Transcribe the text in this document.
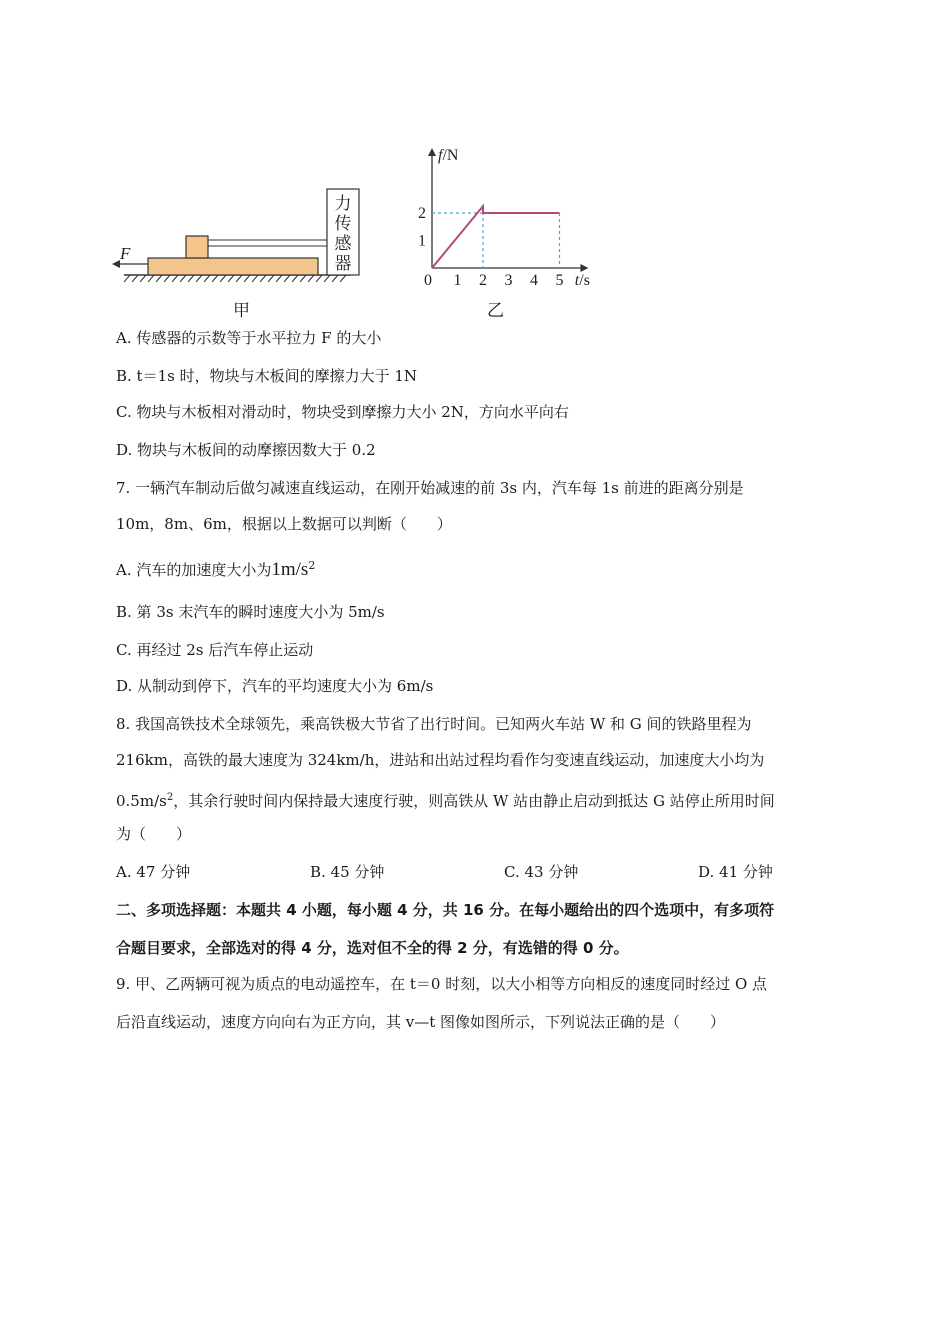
力
传
感
器
F
甲
f/N
t/s
0 1 2 3 4 5
1
2
乙
A. 传感器的示数等于水平拉力 F 的大小
B. t＝1s 时，物块与木板间的摩擦力大于 1N
C. 物块与木板相对滑动时，物块受到摩擦力大小 2N，方向水平向右
D. 物块与木板间的动摩擦因数大于 0.2
7. 一辆汽车制动后做匀减速直线运动，在刚开始减速的前 3s 内，汽车每 1s 前进的距离分别是
10m，8m、6m，根据以上数据可以判断（　　）
A. 汽车的加速度大小为$1m/s^2$
B. 第 3s 末汽车的瞬时速度大小为 5m/s
C. 再经过 2s 后汽车停止运动
D. 从制动到停下，汽车的平均速度大小为 6m/s
8. 我国高铁技术全球领先，乘高铁极大节省了出行时间。已知两火车站 W 和 G 间的铁路里程为
216km，高铁的最大速度为 324km/h，进站和出站过程均看作匀变速直线运动，加速度大小均为
$0.5m/s^2$，其余行驶时间内保持最大速度行驶，则高铁从 W 站由静止启动到抵达 G 站停止所用时间
为（　　）
A. 47 分钟	B. 45 分钟	C. 43 分钟	D. 41 分钟
二、多项选择题：本题共 4 小题，每小题 4 分，共 16 分。在每小题给出的四个选项中，有多项符
合题目要求，全部选对的得 4 分，选对但不全的得 2 分，有选错的得 0 分。
9. 甲、乙两辆可视为质点的电动遥控车，在 t＝0 时刻，以大小相等方向相反的速度同时经过 O 点
后沿直线运动，速度方向向右为正方向，其 v—t 图像如图所示，下列说法正确的是（　　）
